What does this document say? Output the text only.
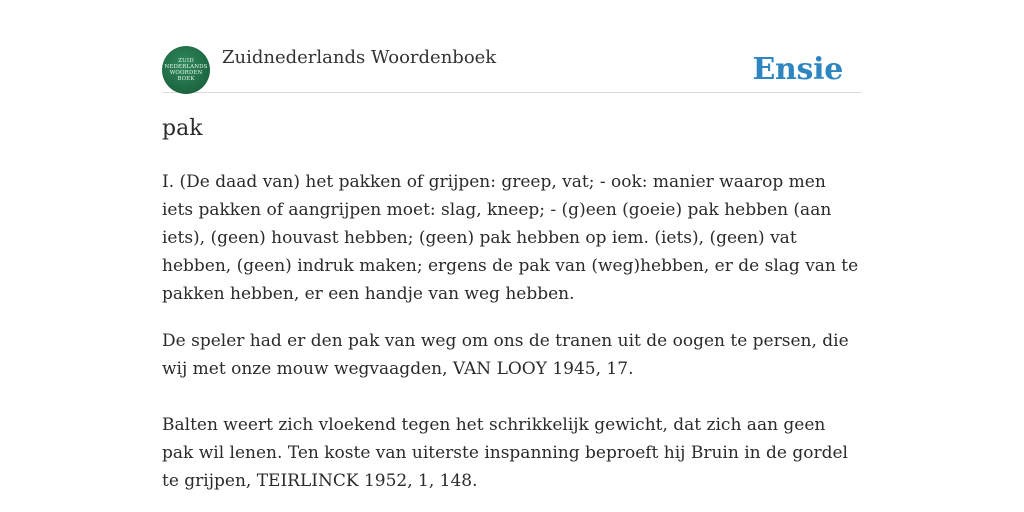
ZUID
NEDERLANDS
WOORDEN
BOEK
Zuidnederlands Woordenboek	Ensie
pak

I. (De daad van) het pakken of grijpen: greep, vat; - ook: manier waarop men iets pakken of aangrijpen moet: slag, kneep; - (g)een (goeie) pak hebben (aan iets), (geen) houvast hebben; (geen) pak hebben op iem. (iets), (geen) vat hebben, (geen) indruk maken; ergens de pak van (weg)hebben, er de slag van te pakken hebben, er een handje van weg hebben.

De speler had er den pak van weg om ons de tranen uit de oogen te persen, die wij met onze mouw wegvaagden, VAN LOOY 1945, 17.

Balten weert zich vloekend tegen het schrikkelijk gewicht, dat zich aan geen pak wil lenen. Ten koste van uiterste inspanning beproeft hij Bruin in de gordel te grijpen, TEIRLINCK 1952, 1, 148.
